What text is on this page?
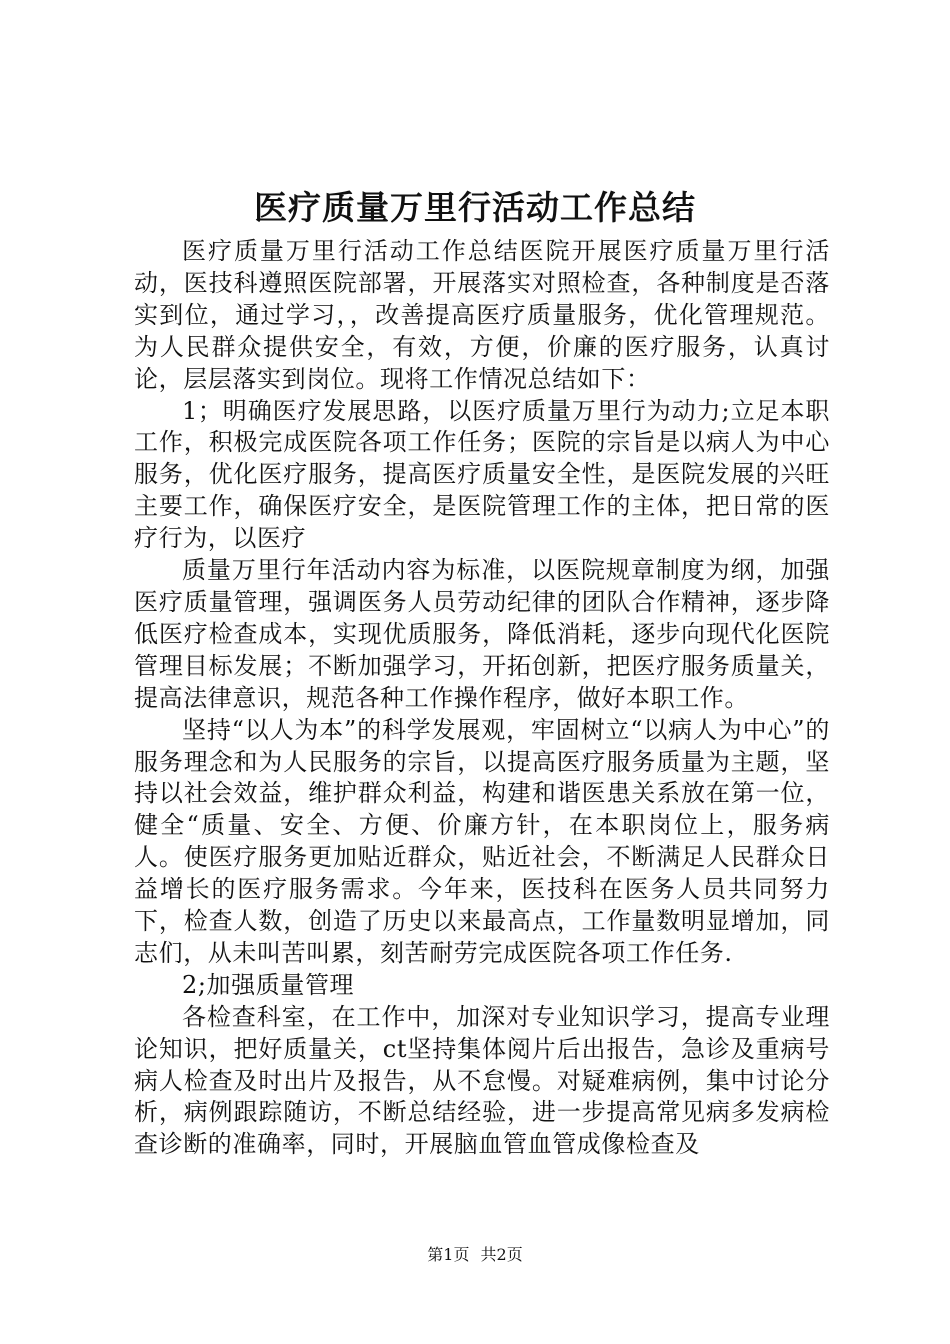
医疗质量万里行活动工作总结

医疗质量万里行活动工作总结医院开展医疗质量万里行活动，医技科遵照医院部署，开展落实对照检查，各种制度是否落实到位，通过学习，，改善提高医疗质量服务，优化管理规范。为人民群众提供安全，有效，方便，价廉的医疗服务，认真讨论，层层落实到岗位。现将工作情况总结如下：

1；明确医疗发展思路，以医疗质量万里行为动力;立足本职工作，积极完成医院各项工作任务；医院的宗旨是以病人为中心服务，优化医疗服务，提高医疗质量安全性，是医院发展的兴旺主要工作，确保医疗安全，是医院管理工作的主体，把日常的医疗行为，以医疗

质量万里行年活动内容为标准，以医院规章制度为纲，加强医疗质量管理，强调医务人员劳动纪律的团队合作精神，逐步降低医疗检查成本，实现优质服务，降低消耗，逐步向现代化医院管理目标发展；不断加强学习，开拓创新，把医疗服务质量关，提高法律意识，规范各种工作操作程序，做好本职工作。

坚持“以人为本”的科学发展观，牢固树立“以病人为中心”的服务理念和为人民服务的宗旨，以提高医疗服务质量为主题，坚持以社会效益，维护群众利益，构建和谐医患关系放在第一位，健全“质量、安全、方便、价廉方针，在本职岗位上，服务病人。使医疗服务更加贴近群众，贴近社会，不断满足人民群众日益增长的医疗服务需求。今年来，医技科在医务人员共同努力下，检查人数，创造了历史以来最高点，工作量数明显增加，同志们，从未叫苦叫累，刻苦耐劳完成医院各项工作任务.

2;加强质量管理

各检查科室，在工作中，加深对专业知识学习，提高专业理论知识，把好质量关，ct坚持集体阅片后出报告，急诊及重病号病人检查及时出片及报告，从不怠慢。对疑难病例，集中讨论分析，病例跟踪随访，不断总结经验，进一步提高常见病多发病检查诊断的准确率，同时，开展脑血管血管成像检查及

第1页 共2页
